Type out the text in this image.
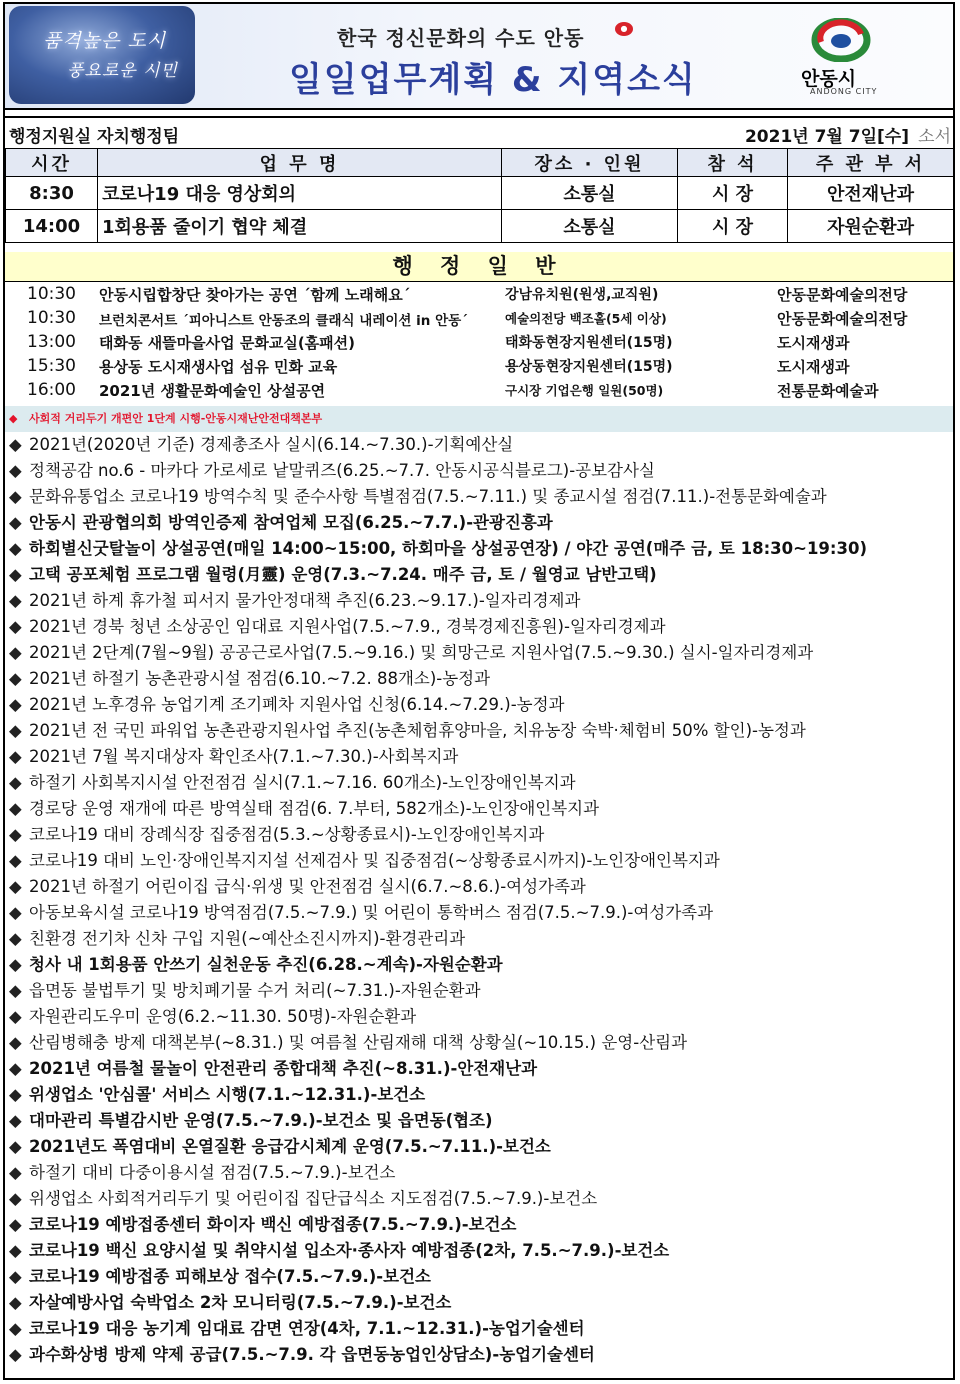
품격높은 도시
풍요로운 시민
한국 정신문화의 수도 안동	●
일일업무계획 & 지역소식	안동시
ANDONG CITY
행정지원실 자치행정팀	2021년 7월 7일[수] 소서
시간	업 무 명	장소 · 인원	참 석	주 관 부 서
8:30	코로나19 대응 영상회의	소통실	시 장	안전재난과
14:00	1회용품 줄이기 협약 체결	소통실	시 장	자원순환과
행 정 일 반
10:30 안동시립합창단 찾아가는 공연 ´함께 노래해요´	강남유치원(원생,교직원)	안동문화예술의전당
10:30 브런치콘서트 ´피아니스트 안동조의 클래식 내레이션 in 안동´	예술의전당 백조홀(5세 이상)	안동문화예술의전당
13:00 태화동 새뜰마을사업 문화교실(홈패션)	태화동현장지원센터(15명)	도시재생과
15:30 용상동 도시재생사업 섬유 민화 교육	용상동현장지원센터(15명)	도시재생과
16:00 2021년 생활문화예술인 상설공연	구시장 기업은행 일원(50명)	전통문화예술과
◆ 사회적 거리두기 개편안 1단계 시행-안동시재난안전대책본부
◆ 2021년(2020년 기준) 경제총조사 실시(6.14.~7.30.)-기획예산실
◆ 정책공감 no.6 - 마카다 가로세로 낱말퀴즈(6.25.~7.7. 안동시공식블로그)-공보감사실
◆ 문화유통업소 코로나19 방역수칙 및 준수사항 특별점검(7.5.~7.11.) 및 종교시설 점검(7.11.)-전통문화예술과
◆ 안동시 관광협의회 방역인증제 참여업체 모집(6.25.~7.7.)-관광진흥과
◆ 하회별신굿탈놀이 상설공연(매일 14:00~15:00, 하회마을 상설공연장) / 야간 공연(매주 금, 토 18:30~19:30)
◆ 고택 공포체험 프로그램 월령(月靈) 운영(7.3.~7.24. 매주 금, 토 / 월영교 남반고택)
◆ 2021년 하계 휴가철 피서지 물가안정대책 추진(6.23.~9.17.)-일자리경제과
◆ 2021년 경북 청년 소상공인 임대료 지원사업(7.5.~7.9., 경북경제진흥원)-일자리경제과
◆ 2021년 2단계(7월~9월) 공공근로사업(7.5.~9.16.) 및 희망근로 지원사업(7.5.~9.30.) 실시-일자리경제과
◆ 2021년 하절기 농촌관광시설 점검(6.10.~7.2. 88개소)-농정과
◆ 2021년 노후경유 농업기계 조기폐차 지원사업 신청(6.14.~7.29.)-농정과
◆ 2021년 전 국민 파워업 농촌관광지원사업 추진(농촌체험휴양마을, 치유농장 숙박·체험비 50% 할인)-농정과
◆ 2021년 7월 복지대상자 확인조사(7.1.~7.30.)-사회복지과
◆ 하절기 사회복지시설 안전점검 실시(7.1.~7.16. 60개소)-노인장애인복지과
◆ 경로당 운영 재개에 따른 방역실태 점검(6. 7.부터, 582개소)-노인장애인복지과
◆ 코로나19 대비 장례식장 집중점검(5.3.~상황종료시)-노인장애인복지과
◆ 코로나19 대비 노인·장애인복지지설 선제검사 및 집중점검(~상황종료시까지)-노인장애인복지과
◆ 2021년 하절기 어린이집 급식·위생 및 안전점검 실시(6.7.~8.6.)-여성가족과
◆ 아동보육시설 코로나19 방역점검(7.5.~7.9.) 및 어린이 통학버스 점검(7.5.~7.9.)-여성가족과
◆ 친환경 전기차 신차 구입 지원(~예산소진시까지)-환경관리과
◆ 청사 내 1회용품 안쓰기 실천운동 추진(6.28.~계속)-자원순환과
◆ 읍면동 불법투기 및 방치폐기물 수거 처리(~7.31.)-자원순환과
◆ 자원관리도우미 운영(6.2.~11.30. 50명)-자원순환과
◆ 산림병해충 방제 대책본부(~8.31.) 및 여름철 산림재해 대책 상황실(~10.15.) 운영-산림과
◆ 2021년 여름철 물놀이 안전관리 종합대책 추진(~8.31.)-안전재난과
◆ 위생업소 '안심콜' 서비스 시행(7.1.~12.31.)-보건소
◆ 대마관리 특별감시반 운영(7.5.~7.9.)-보건소 및 읍면동(협조)
◆ 2021년도 폭염대비 온열질환 응급감시체계 운영(7.5.~7.11.)-보건소
◆ 하절기 대비 다중이용시설 점검(7.5.~7.9.)-보건소
◆ 위생업소 사회적거리두기 및 어린이집 집단급식소 지도점검(7.5.~7.9.)-보건소
◆ 코로나19 예방접종센터 화이자 백신 예방접종(7.5.~7.9.)-보건소
◆ 코로나19 백신 요양시설 및 취약시설 입소자·종사자 예방접종(2차, 7.5.~7.9.)-보건소
◆ 코로나19 예방접종 피해보상 접수(7.5.~7.9.)-보건소
◆ 자살예방사업 숙박업소 2차 모니터링(7.5.~7.9.)-보건소
◆ 코로나19 대응 농기계 임대료 감면 연장(4차, 7.1.~12.31.)-농업기술센터
◆ 과수화상병 방제 약제 공급(7.5.~7.9. 각 읍면동농업인상담소)-농업기술센터
